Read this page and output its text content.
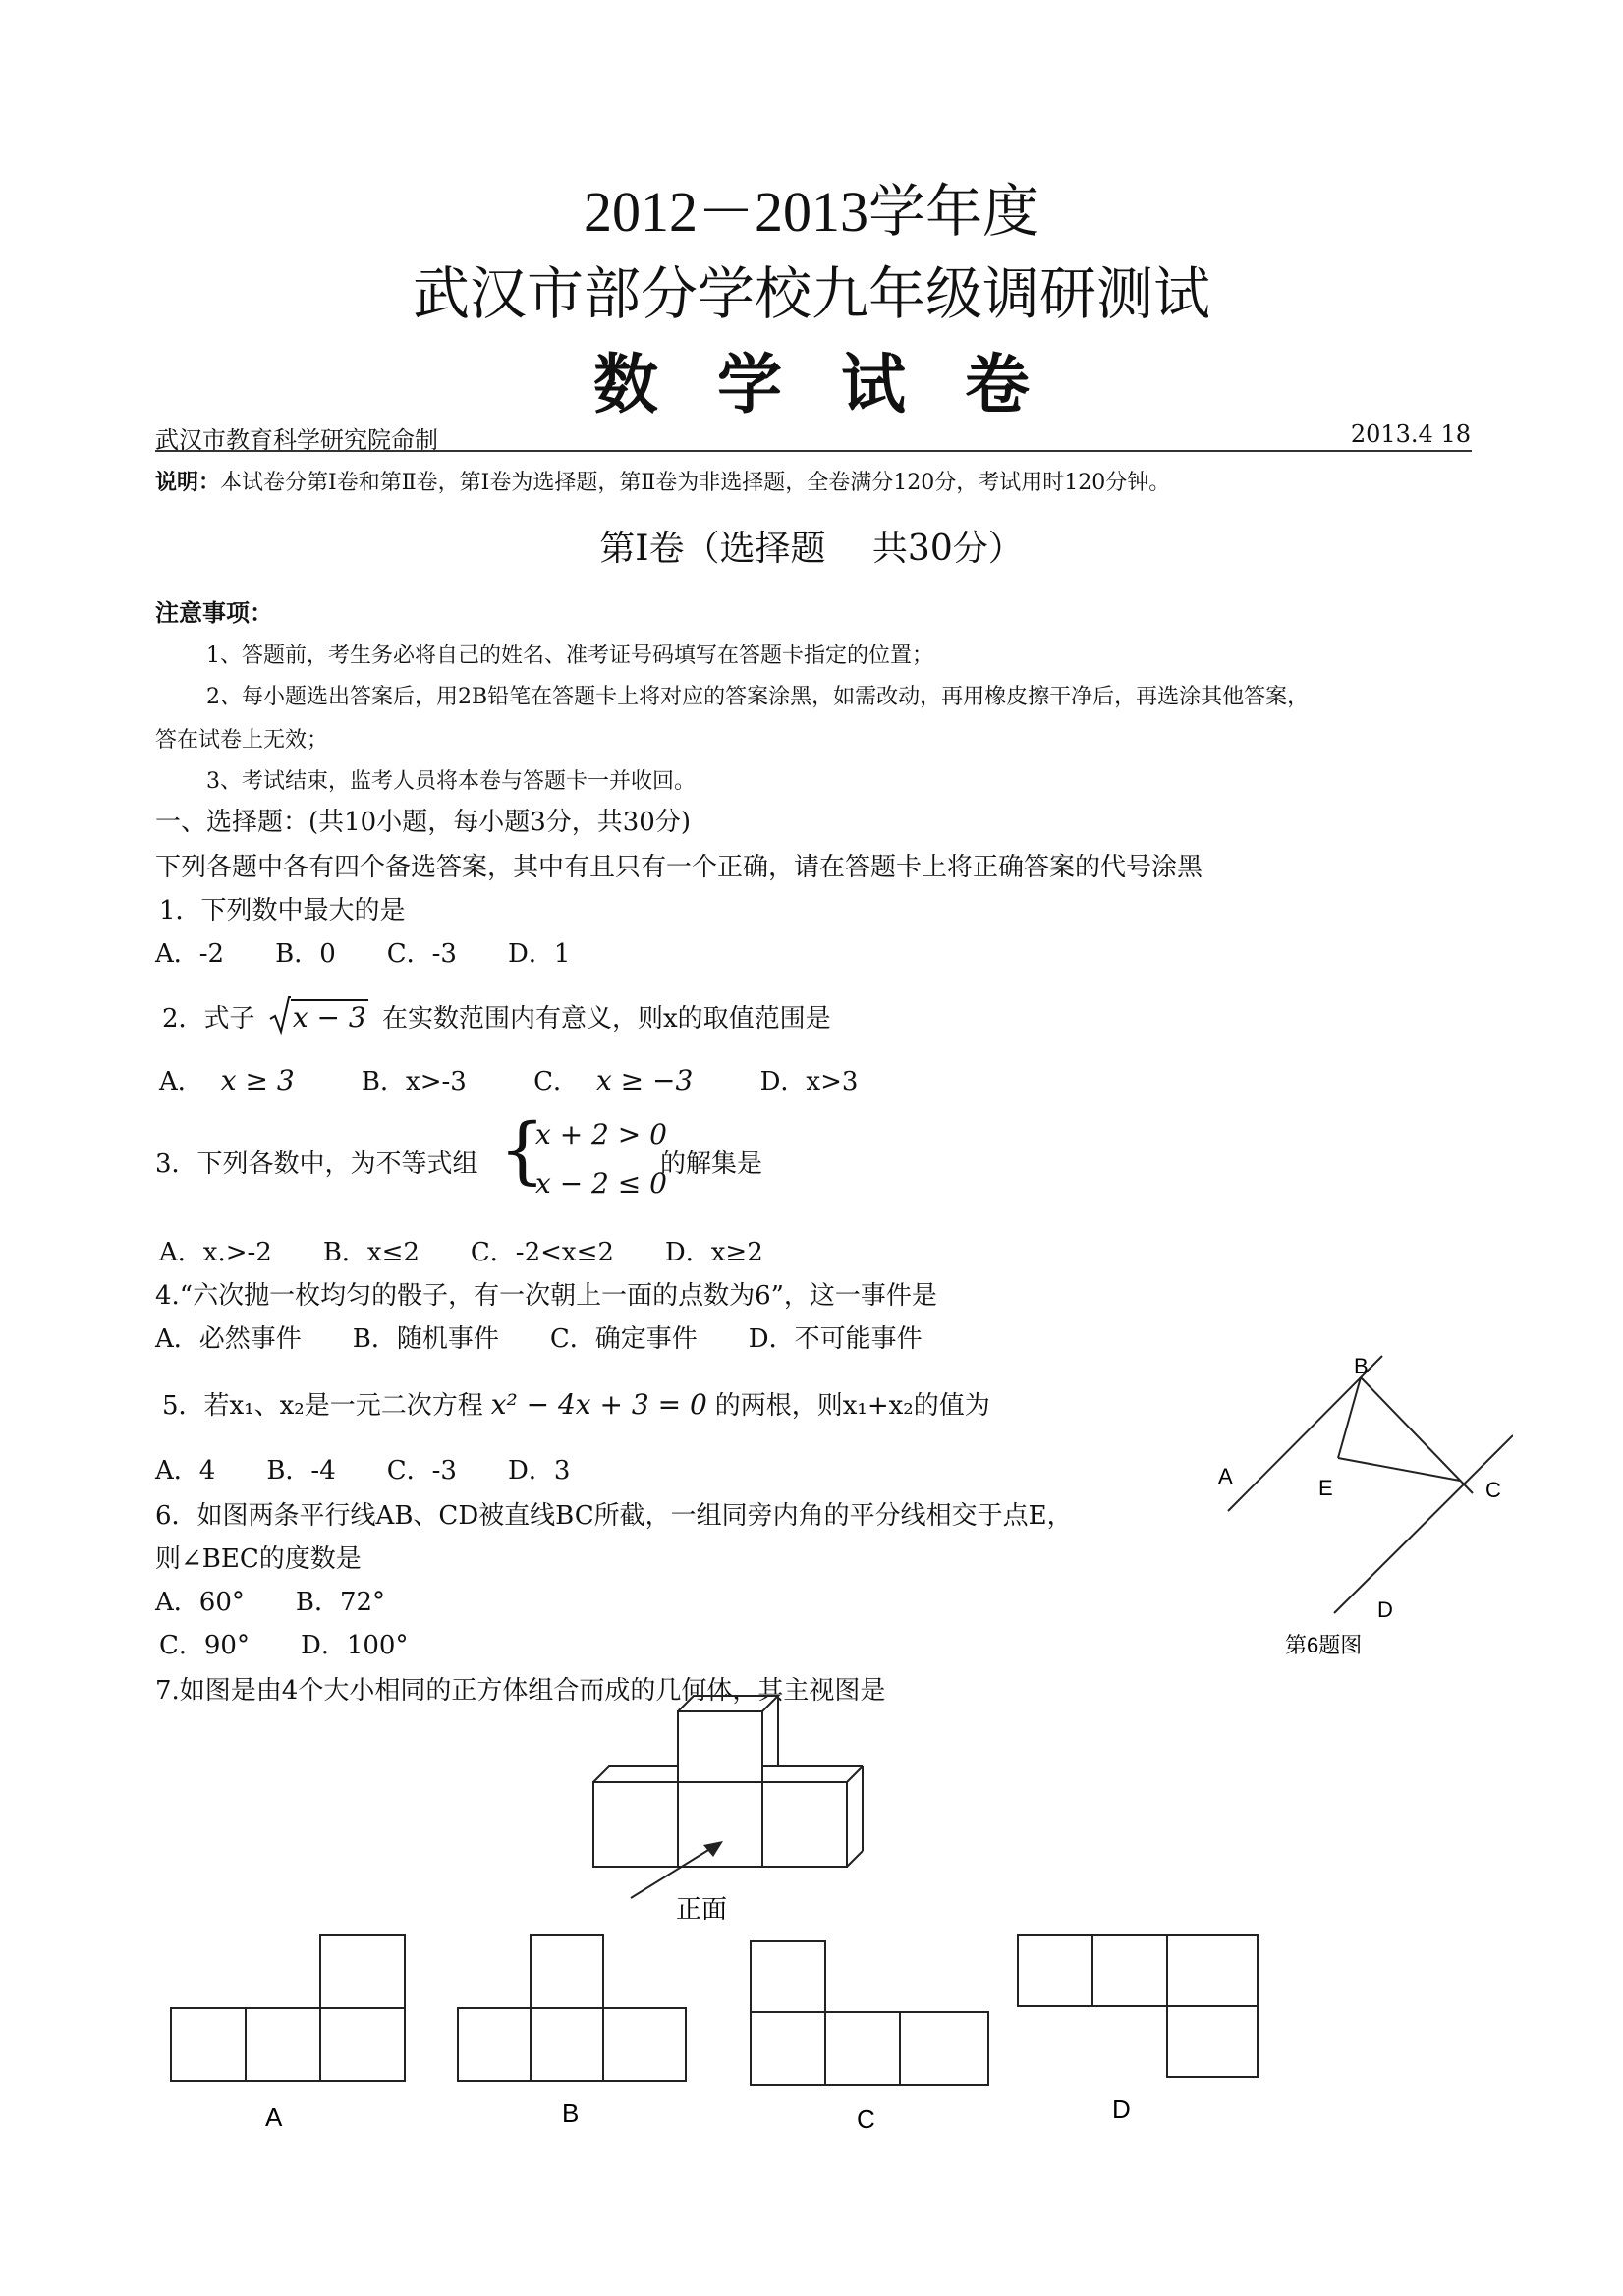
2012－2013学年度
武汉市部分学校九年级调研测试
数学试卷
武汉市教育科学研究院命制	2013.4 18
说明：本试卷分第Ⅰ卷和第Ⅱ卷，第Ⅰ卷为选择题，第Ⅱ卷为非选择题，全卷满分120分，考试用时120分钟。
第Ⅰ卷（选择题　 共30分）
注意事项：
1、答题前，考生务必将自己的姓名、准考证号码填写在答题卡指定的位置；
2、每小题选出答案后，用2B铅笔在答题卡上将对应的答案涂黑，如需改动，再用橡皮擦干净后，再选涂其他答案，
答在试卷上无效；
3、考试结束，监考人员将本卷与答题卡一并收回。
一、选择题：(共10小题，每小题3分，共30分)
下列各题中各有四个备选答案，其中有且只有一个正确，请在答题卡上将正确答案的代号涂黑
1．下列数中最大的是
A．-2　　B．0　　C．-3　　D．1
2．式子 x − 3 在实数范围内有意义，则x的取值范围是
A． x ≥ 3	B．x>-3	C． x ≥ −3	D．x>3
3．下列各数中，为不等式组 {
x + 2 > 0
x − 2 ≤ 0
的解集是
A．x.>-2　　B．x≤2　　C．-2<x≤2　　D．x≥2
4.“六次抛一枚均匀的骰子，有一次朝上一面的点数为6”，这一事件是
A．必然事件　　B．随机事件　　C．确定事件　　D．不可能事件
5．若x₁、x₂是一元二次方程 x² − 4x + 3 = 0 的两根，则x₁+x₂的值为
A．4　　B．-4　　C．-3　　D．3
6．如图两条平行线AB、CD被直线BC所截，一组同旁内角的平分线相交于点E，
则∠BEC的度数是
A．60°　　B．72°
C．90°　　D．100°
A
B
C
D
E
第6题图
7.如图是由4个大小相同的正方体组合而成的几何体，其主视图是
正面
A	B	C	D
